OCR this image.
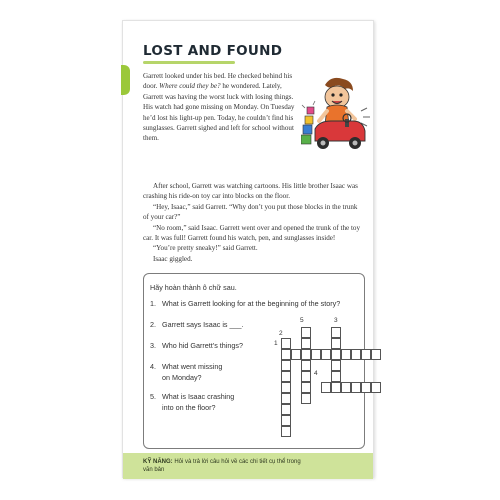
LOST AND FOUND
Garrett looked under his bed. He checked behind his door. Where could they be? he wondered. Lately, Garrett was having the worst luck with losing things. His watch had gone missing on Monday. On Tuesday he’d lost his light-up pen. Today, he couldn’t find his sunglasses. Garrett sighed and left for school without them.

After school, Garrett was watching cartoons. His little brother Isaac was crashing his ride-on toy car into blocks on the floor.

“Hey, Isaac,” said Garrett. “Why don’t you put those blocks in the trunk of your car?”

“No room,” said Isaac. Garrett went over and opened the trunk of the toy car. It was full! Garrett found his watch, pen, and sunglasses inside!

“You’re pretty sneaky!” said Garrett.

Isaac giggled.

Hãy hoàn thành ô chữ sau.
1. What is Garrett looking for at the beginning of the story?
2. Garrett says Isaac is ___.
3. Who hid Garrett’s things?
4. What went missing
on Monday?
5. What is Isaac crashing
into on the floor?
2
1
5	3
4
KỸ NĂNG: Hỏi và trả lời câu hỏi về các chi tiết cụ thể trong văn bản
